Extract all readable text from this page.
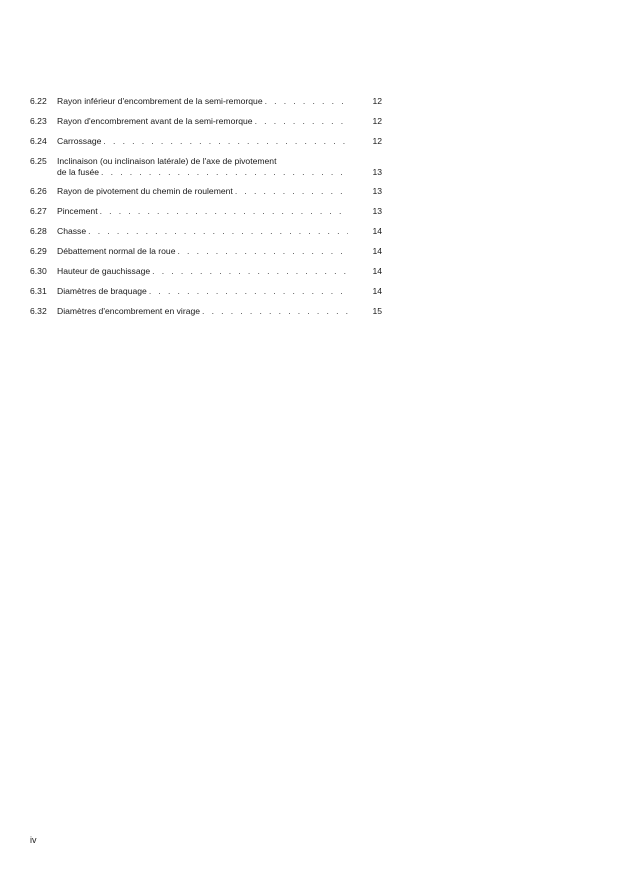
6.22	Rayon inférieur d'encombrement de la semi-remorque . . .	12
6.23	Rayon d'encombrement avant de la semi-remorque . . .	12
6.24	Carrossage . . .	12
6.25	Inclinaison (ou inclinaison latérale) de l'axe de pivotement
de la fusée . . .	13
6.26	Rayon de pivotement du chemin de roulement . . .	13
6.27	Pincement . . .	13
6.28	Chasse . . .	14
6.29	Débattement normal de la roue . . .	14
6.30	Hauteur de gauchissage . . .	14
6.31	Diamètres de braquage . . .	14
6.32	Diamètres d'encombrement en virage . . .	15
iv
